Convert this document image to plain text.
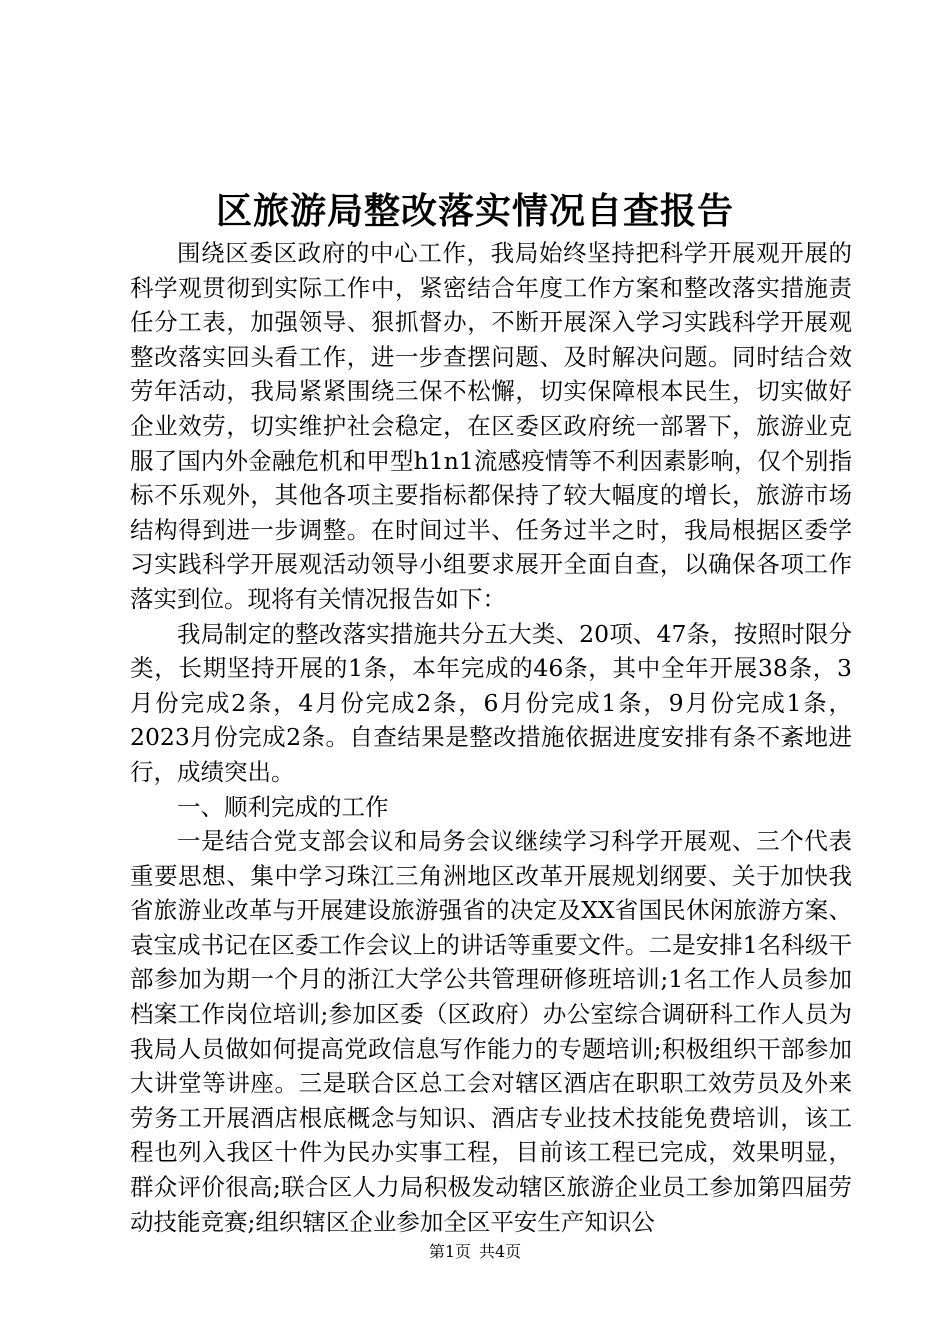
区旅游局整改落实情况自查报告

围绕区委区政府的中心工作，我局始终坚持把科学开展观开展的科学观贯彻到实际工作中，紧密结合年度工作方案和整改落实措施责任分工表，加强领导、狠抓督办，不断开展深入学习实践科学开展观整改落实回头看工作，进一步查摆问题、及时解决问题。同时结合效劳年活动，我局紧紧围绕三保不松懈，切实保障根本民生，切实做好企业效劳，切实维护社会稳定，在区委区政府统一部署下，旅游业克服了国内外金融危机和甲型h1n1流感疫情等不利因素影响，仅个别指标不乐观外，其他各项主要指标都保持了较大幅度的增长，旅游市场结构得到进一步调整。在时间过半、任务过半之时，我局根据区委学习实践科学开展观活动领导小组要求展开全面自查，以确保各项工作落实到位。现将有关情况报告如下：

我局制定的整改落实措施共分五大类、20项、47条，按照时限分类，长期坚持开展的1条，本年完成的46条，其中全年开展38条，3月份完成2条，4月份完成2条，6月份完成1条，9月份完成1条，2023月份完成2条。自查结果是整改措施依据进度安排有条不紊地进行，成绩突出。

一、顺利完成的工作

一是结合党支部会议和局务会议继续学习科学开展观、三个代表重要思想、集中学习珠江三角洲地区改革开展规划纲要、关于加快我省旅游业改革与开展建设旅游强省的决定及XX省国民休闲旅游方案、袁宝成书记在区委工作会议上的讲话等重要文件。二是安排1名科级干部参加为期一个月的浙江大学公共管理研修班培训;1名工作人员参加档案工作岗位培训;参加区委（区政府）办公室综合调研科工作人员为我局人员做如何提高党政信息写作能力的专题培训;积极组织干部参加大讲堂等讲座。三是联合区总工会对辖区酒店在职职工效劳员及外来劳务工开展酒店根底概念与知识、酒店专业技术技能免费培训，该工程也列入我区十件为民办实事工程，目前该工程已完成，效果明显，群众评价很高;联合区人力局积极发动辖区旅游企业员工参加第四届劳动技能竞赛;组织辖区企业参加全区平安生产知识公

第1页 共4页
